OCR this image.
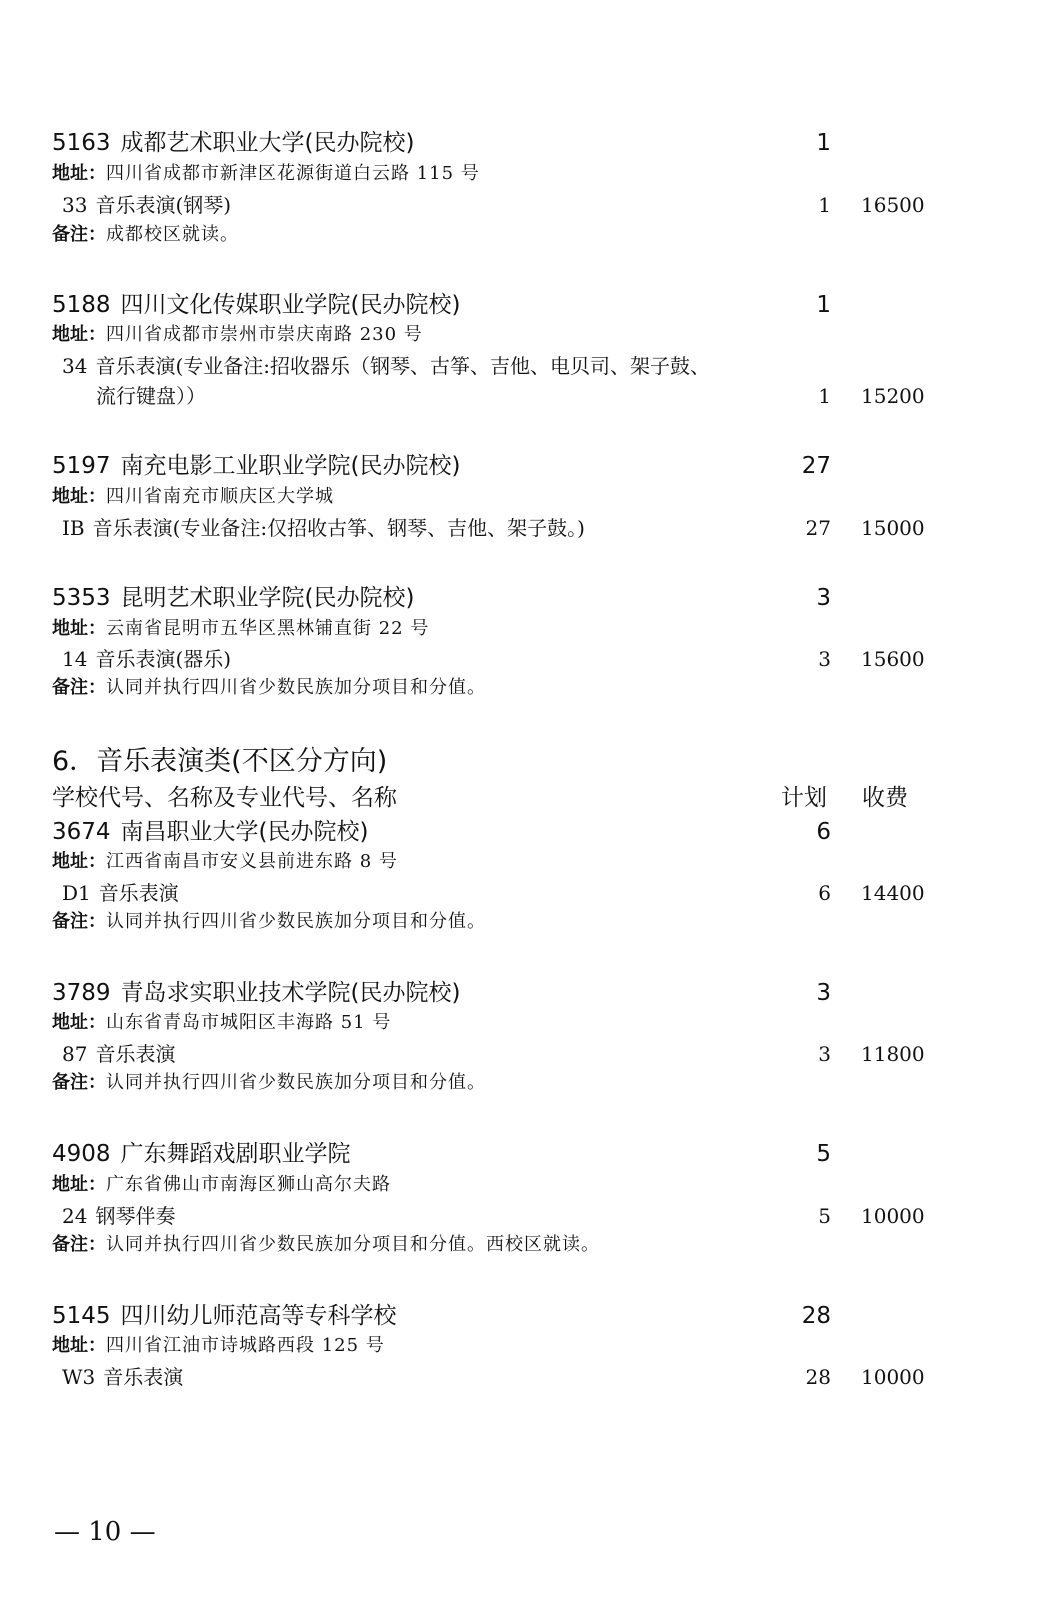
5163 成都艺术职业大学(民办院校)	1
地址：四川省成都市新津区花源街道白云路 115 号
33 音乐表演(钢琴)	1 16500
备注：成都校区就读。
5188 四川文化传媒职业学院(民办院校)	1
地址：四川省成都市崇州市崇庆南路 230 号
34 音乐表演(专业备注:招收器乐（钢琴、古筝、吉他、电贝司、架子鼓、
流行键盘））	1 15200
5197 南充电影工业职业学院(民办院校)	27
地址：四川省南充市顺庆区大学城
IB 音乐表演(专业备注:仅招收古筝、钢琴、吉他、架子鼓。)	27 15000
5353 昆明艺术职业学院(民办院校)	3
地址：云南省昆明市五华区黑林铺直街 22 号
14 音乐表演(器乐)	3 15600
备注：认同并执行四川省少数民族加分项目和分值。
6．音乐表演类(不区分方向)
学校代号、名称及专业代号、名称	计划 收费
3674 南昌职业大学(民办院校)	6
地址：江西省南昌市安义县前进东路 8 号
D1 音乐表演	6 14400
备注：认同并执行四川省少数民族加分项目和分值。
3789 青岛求实职业技术学院(民办院校)	3
地址：山东省青岛市城阳区丰海路 51 号
87 音乐表演	3 11800
备注：认同并执行四川省少数民族加分项目和分值。
4908 广东舞蹈戏剧职业学院	5
地址：广东省佛山市南海区狮山高尔夫路
24 钢琴伴奏	5 10000
备注：认同并执行四川省少数民族加分项目和分值。西校区就读。
5145 四川幼儿师范高等专科学校	28
地址：四川省江油市诗城路西段 125 号
W3 音乐表演	28 10000
— 10 —
